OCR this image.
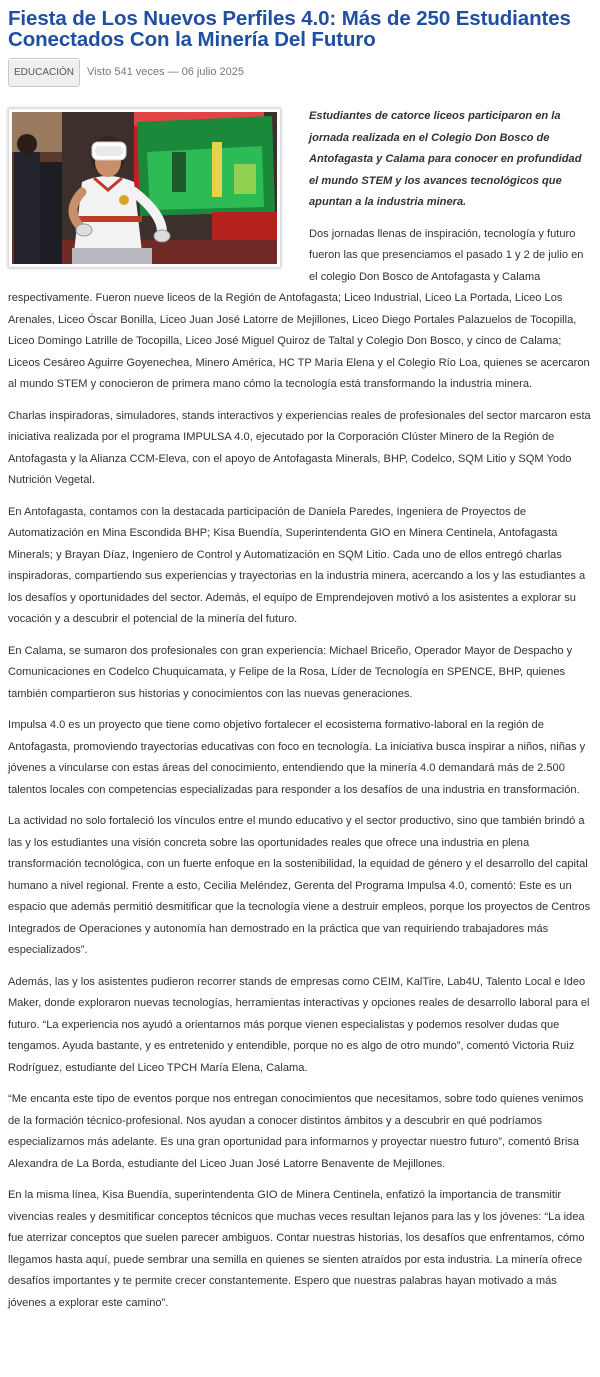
Fiesta de Los Nuevos Perfiles 4.0: Más de 250 Estudiantes Conectados Con la Minería Del Futuro
EDUCACIÓN	Visto 541 veces — 06 julio 2025

Estudiantes de catorce liceos participaron en la jornada realizada en el Colegio Don Bosco de Antofagasta y Calama para conocer en profundidad el mundo STEM y los avances tecnológicos que apuntan a la industria minera.

Dos jornadas llenas de inspiración, tecnología y futuro fueron las que presenciamos el pasado 1 y 2 de julio en el colegio Don Bosco de Antofagasta y Calama respectivamente. Fueron nueve liceos de la Región de Antofagasta; Liceo Industrial, Liceo La Portada, Liceo Los Arenales, Liceo Óscar Bonilla, Liceo Juan José Latorre de Mejillones, Liceo Diego Portales Palazuelos de Tocopilla, Liceo Domingo Latrille de Tocopilla, Liceo José Miguel Quiroz de Taltal y Colegio Don Bosco, y cinco de Calama; Liceos Cesáreo Aguirre Goyenechea, Minero América, HC TP María Elena y el Colegio Río Loa, quienes se acercaron al mundo STEM y conocieron de primera mano cómo la tecnología está transformando la industria minera.

Charlas inspiradoras, simuladores, stands interactivos y experiencias reales de profesionales del sector marcaron esta iniciativa realizada por el programa IMPULSA 4.0, ejecutado por la Corporación Clúster Minero de la Región de Antofagasta y la Alianza CCM-Eleva, con el apoyo de Antofagasta Minerals, BHP, Codelco, SQM Litio y SQM Yodo Nutrición Vegetal.

En Antofagasta, contamos con la destacada participación de Daniela Paredes, Ingeniera de Proyectos de Automatización en Mina Escondida BHP; Kisa Buendía, Superintendenta GIO en Minera Centinela, Antofagasta Minerals; y Brayan Díaz, Ingeniero de Control y Automatización en SQM Litio. Cada uno de ellos entregó charlas inspiradoras, compartiendo sus experiencias y trayectorias en la industria minera, acercando a los y las estudiantes a los desafíos y oportunidades del sector. Además, el equipo de Emprendejoven motivó a los asistentes a explorar su vocación y a descubrir el potencial de la minería del futuro.

En Calama, se sumaron dos profesionales con gran experiencia: Michael Briceño, Operador Mayor de Despacho y Comunicaciones en Codelco Chuquicamata, y Felipe de la Rosa, Líder de Tecnología en SPENCE, BHP, quienes también compartieron sus historias y conocimientos con las nuevas generaciones.

Impulsa 4.0 es un proyecto que tiene como objetivo fortalecer el ecosistema formativo-laboral en la región de Antofagasta, promoviendo trayectorias educativas con foco en tecnología. La iniciativa busca inspirar a niños, niñas y jóvenes a vincularse con estas áreas del conocimiento, entendiendo que la minería 4.0 demandará más de 2.500 talentos locales con competencias especializadas para responder a los desafíos de una industria en transformación.

La actividad no solo fortaleció los vínculos entre el mundo educativo y el sector productivo, sino que también brindó a las y los estudiantes una visión concreta sobre las oportunidades reales que ofrece una industria en plena transformación tecnológica, con un fuerte enfoque en la sostenibilidad, la equidad de género y el desarrollo del capital humano a nivel regional. Frente a esto, Cecilia Meléndez, Gerenta del Programa Impulsa 4.0, comentó: Este es un espacio que además permitió desmitificar que la tecnología viene a destruir empleos, porque los proyectos de Centros Integrados de Operaciones y autonomía han demostrado en la práctica que van requiriendo trabajadores más especializados”.

Además, las y los asistentes pudieron recorrer stands de empresas como CEIM, KalTire, Lab4U, Talento Local e Ideo Maker, donde exploraron nuevas tecnologías, herramientas interactivas y opciones reales de desarrollo laboral para el futuro. “La experiencia nos ayudó a orientarnos más porque vienen especialistas y podemos resolver dudas que tengamos. Ayuda bastante, y es entretenido y entendible, porque no es algo de otro mundo”, comentó Victoria Ruiz Rodríguez, estudiante del Liceo TPCH María Elena, Calama.

“Me encanta este tipo de eventos porque nos entregan conocimientos que necesitamos, sobre todo quienes venimos de la formación técnico-profesional. Nos ayudan a conocer distintos ámbitos y a descubrir en qué podríamos especializarnos más adelante. Es una gran oportunidad para informarnos y proyectar nuestro futuro”, comentó Brisa Alexandra de La Borda, estudiante del Liceo Juan José Latorre Benavente de Mejillones.

En la misma línea, Kisa Buendía, superintendenta GIO de Minera Centinela, enfatizó la importancia de transmitir vivencias reales y desmitificar conceptos técnicos que muchas veces resultan lejanos para las y los jóvenes: “La idea fue aterrizar conceptos que suelen parecer ambiguos. Contar nuestras historias, los desafíos que enfrentamos, cómo llegamos hasta aquí, puede sembrar una semilla en quienes se sienten atraídos por esta industria. La minería ofrece desafíos importantes y te permite crecer constantemente. Espero que nuestras palabras hayan motivado a más jóvenes a explorar este camino”.
